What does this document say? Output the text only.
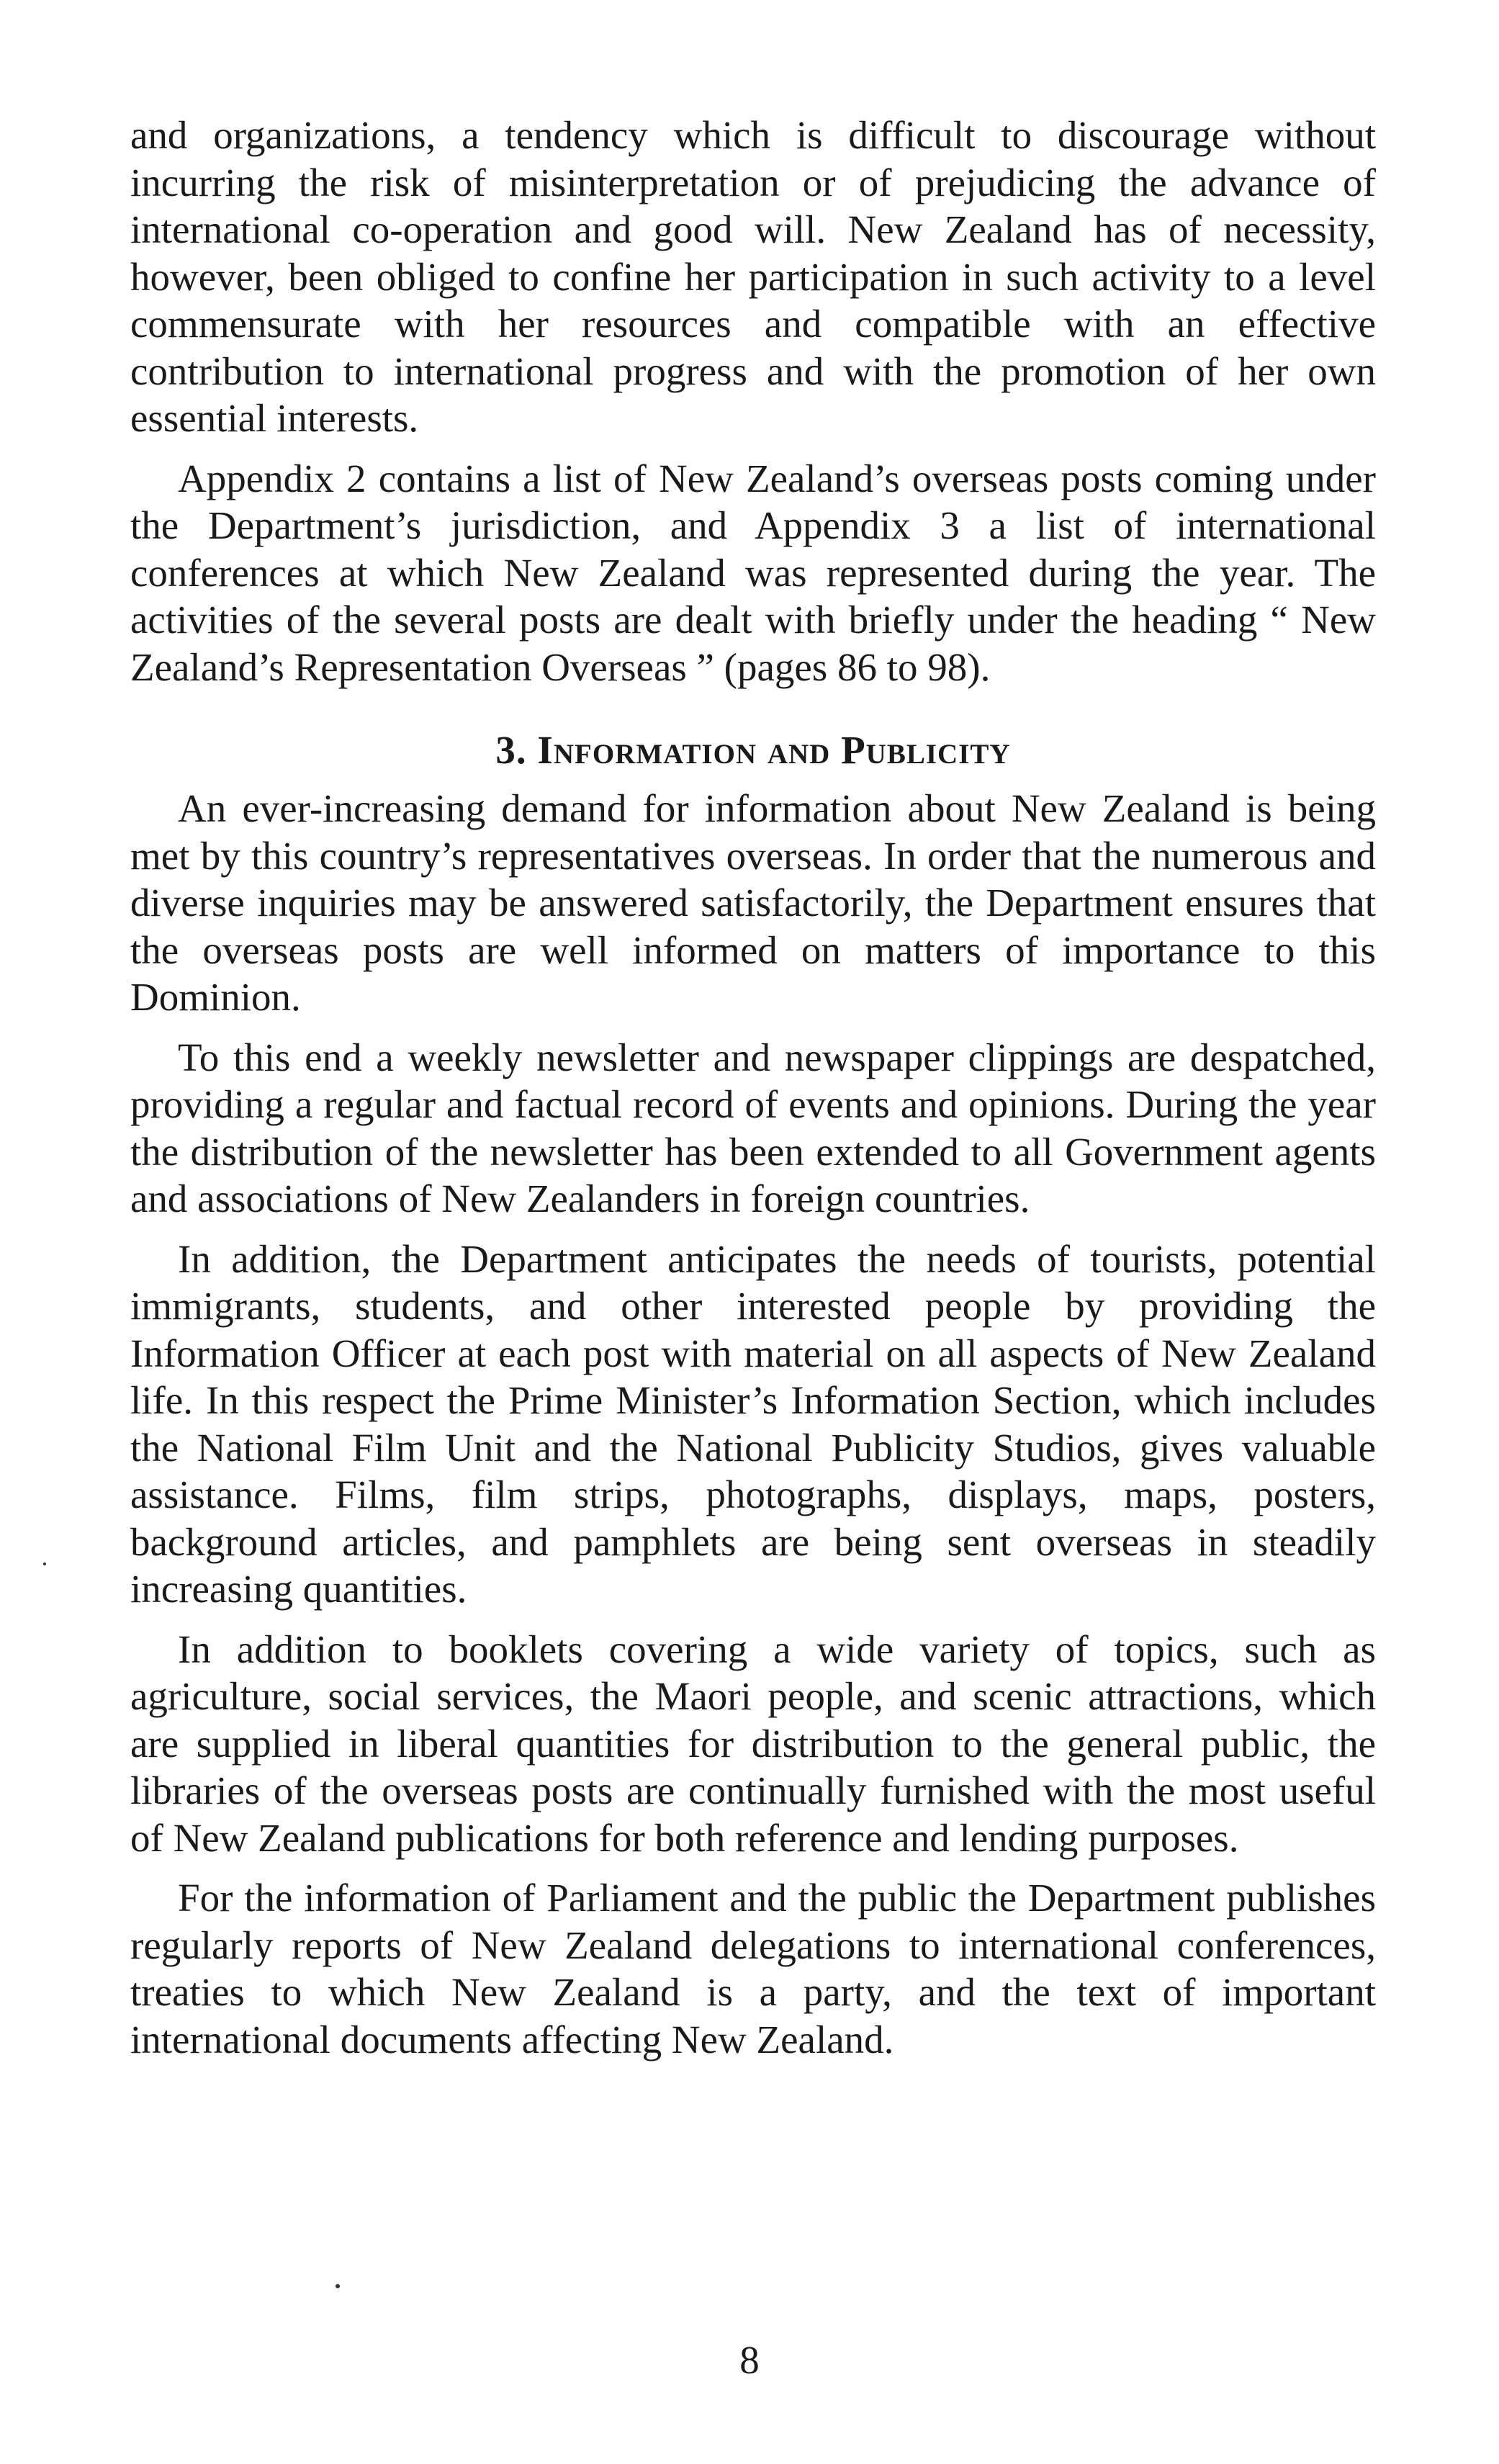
and organizations, a tendency which is difficult to discourage without incurring the risk of misinterpretation or of prejudicing the advance of international co-operation and good will. New Zealand has of necessity, however, been obliged to confine her participation in such activity to a level commensurate with her resources and compatible with an effective contribution to international progress and with the promotion of her own essential interests.

Appendix 2 contains a list of New Zealand’s overseas posts coming under the Department’s jurisdiction, and Appendix 3 a list of international conferences at which New Zealand was represented during the year. The activities of the several posts are dealt with briefly under the heading “ New Zealand’s Representation Overseas ” (pages 86 to 98).

3. Information and Publicity

An ever-increasing demand for information about New Zealand is being met by this country’s representatives overseas. In order that the numerous and diverse inquiries may be answered satisfactorily, the Department ensures that the overseas posts are well informed on matters of importance to this Dominion.

To this end a weekly newsletter and newspaper clippings are despatched, providing a regular and factual record of events and opinions. During the year the distribution of the newsletter has been extended to all Government agents and associations of New Zealanders in foreign countries.

In addition, the Department anticipates the needs of tourists, potential immigrants, students, and other interested people by providing the Information Officer at each post with material on all aspects of New Zealand life. In this respect the Prime Minister’s Information Section, which includes the National Film Unit and the National Publicity Studios, gives valuable assistance. Films, film strips, photographs, displays, maps, posters, background articles, and pamphlets are being sent overseas in steadily increasing quantities.

In addition to booklets covering a wide variety of topics, such as agriculture, social services, the Maori people, and scenic attractions, which are supplied in liberal quantities for distribution to the general public, the libraries of the overseas posts are continually furnished with the most useful of New Zealand publications for both reference and lending purposes.

For the information of Parliament and the public the Department publishes regularly reports of New Zealand delegations to international conferences, treaties to which New Zealand is a party, and the text of important international documents affecting New Zealand.

8
